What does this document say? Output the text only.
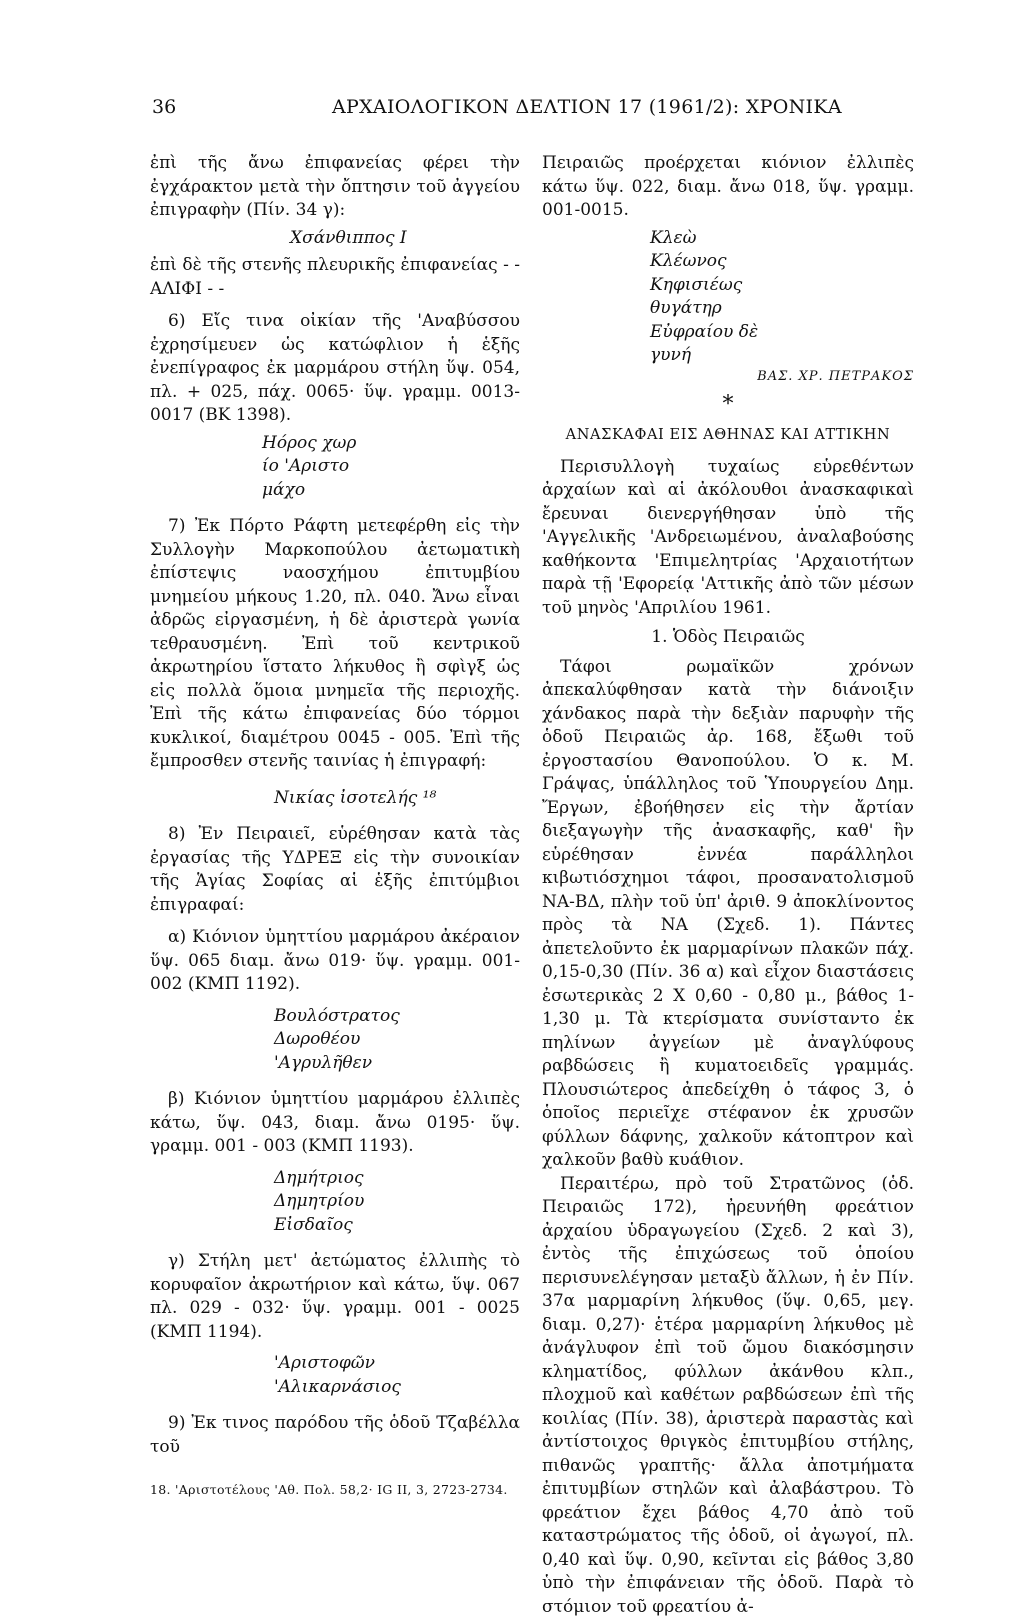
36	ΑΡΧΑΙΟΛΟΓΙΚΟΝ ΔΕΛΤΙΟΝ 17 (1961/2): ΧΡΟΝΙΚΑ

ἐπὶ τῆς ἄνω ἐπιφανείας φέρει τὴν ἐγχάρακτον μετὰ τὴν ὄπτησιν τοῦ ἀγγείου ἐπιγραφὴν (Πίν. 34 γ):

Χσάνθιππος Ι

ἐπὶ δὲ τῆς στενῆς πλευρικῆς ἐπιφανείας - - ΑΛΙΦΙ - -

6) Εἴς τινα οἰκίαν τῆς 'Αναβύσσου ἐχρησίμευεν ὡς κατώφλιον ἡ ἑξῆς ἐνεπίγραφος ἐκ μαρμάρου στήλη ὕψ. 054, πλ. + 025, πάχ. 0065· ὕψ. γραμμ. 0013-0017 (ΒΚ 1398).

Hόρος χωρ
ίο 'Αριστο
μάχο

7) Ἐκ Πόρτο Ράφτη μετεφέρθη εἰς τὴν Συλλογὴν Μαρκοπούλου ἀετωματικὴ ἐπίστεψις ναοσχήμου ἐπιτυμβίου μνημείου μήκους 1.20, πλ. 040. Ἄνω εἶναι ἀδρῶς εἰργασμένη, ἡ δὲ ἀριστερὰ γωνία τεθραυσμένη. Ἐπὶ τοῦ κεντρικοῦ ἀκρωτηρίου ἵστατο λήκυθος ἢ σφὶγξ ὡς εἰς πολλὰ ὅμοια μνημεῖα τῆς περιοχῆς. Ἐπὶ τῆς κάτω ἐπιφανείας δύο τόρμοι κυκλικοί, διαμέτρου 0045 - 005. Ἐπὶ τῆς ἔμπροσθεν στενῆς ταινίας ἡ ἐπιγραφή:

Νικίας ἰσοτελής ¹⁸

8) Ἐν Πειραιεῖ, εὑρέθησαν κατὰ τὰς ἐργασίας τῆς ΥΔΡΕΞ εἰς τὴν συνοικίαν τῆς Ἁγίας Σοφίας αἱ ἑξῆς ἐπιτύμβιοι ἐπιγραφαί:

α) Κιόνιον ὑμηττίου μαρμάρου ἀκέραιον ὕψ. 065 διαμ. ἄνω 019· ὕψ. γραμμ. 001-002 (ΚΜΠ 1192).

Βουλόστρατος
Δωροθέου
'Αγρυλῆθεν

β) Κιόνιον ὑμηττίου μαρμάρου ἐλλιπὲς κάτω, ὕψ. 043, διαμ. ἄνω 0195· ὕψ. γραμμ. 001 - 003 (ΚΜΠ 1193).

Δημήτριος
Δημητρίου
Εἰσδαῖος

γ) Στήλη μετ' ἀετώματος ἐλλιπὴς τὸ κορυφαῖον ἀκρωτήριον καὶ κάτω, ὕψ. 067 πλ. 029 - 032· ὕψ. γραμμ. 001 - 0025 (ΚΜΠ 1194).

'Αριστοφῶν
'Αλικαρνάσιος

9) Ἐκ τινος παρόδου τῆς ὁδοῦ Τζαβέλλα τοῦ

18. 'Αριστοτέλους 'Αθ. Πολ. 58,2· IG II, 3, 2723-2734.

Πειραιῶς προέρχεται κιόνιον ἐλλιπὲς κάτω ὕψ. 022, διαμ. ἄνω 018, ὕψ. γραμμ. 001-0015.

Κλεὼ
Κλέωνος
Κηφισιέως
θυγάτηρ
Εὐφραίου δὲ
γυνή
ΒΑΣ. ΧΡ. ΠΕΤΡΑΚΟΣ
*
ΑΝΑΣΚΑΦΑΙ ΕΙΣ ΑΘΗΝΑΣ ΚΑΙ ΑΤΤΙΚΗΝ

Περισυλλογὴ τυχαίως εὑρεθέντων ἀρχαίων καὶ αἱ ἀκόλουθοι ἀνασκαφικαὶ ἔρευναι διενεργήθησαν ὑπὸ τῆς 'Αγγελικῆς 'Ανδρειωμένου, ἀναλαβούσης καθήκοντα 'Επιμελητρίας 'Αρχαιοτήτων παρὰ τῇ 'Εφορείᾳ 'Αττικῆς ἀπὸ τῶν μέσων τοῦ μηνὸς 'Απριλίου 1961.

1. Ὁδὸς Πειραιῶς

Τάφοι ρωμαϊκῶν χρόνων ἀπεκαλύφθησαν κατὰ τὴν διάνοιξιν χάνδακος παρὰ τὴν δεξιὰν παρυφὴν τῆς ὁδοῦ Πειραιῶς ἀρ. 168, ἔξωθι τοῦ ἐργοστασίου Θανοπούλου. Ὁ κ. Μ. Γράψας, ὑπάλληλος τοῦ Ὑπουργείου Δημ. Ἔργων, ἐβοήθησεν εἰς τὴν ἄρτίαν διεξαγωγὴν τῆς ἀνασκαφῆς, καθ' ἣν εὑρέθησαν ἐννέα παράλληλοι κιβωτιόσχημοι τάφοι, προσανατολισμοῦ ΝΑ-ΒΔ, πλὴν τοῦ ὑπ' ἀριθ. 9 ἀποκλίνοντος πρὸς τὰ ΝΑ (Σχεδ. 1). Πάντες ἀπετελοῦντο ἐκ μαρμαρίνων πλακῶν πάχ. 0,15-0,30 (Πίν. 36 α) καὶ εἶχον διαστάσεις ἐσωτερικὰς 2 Χ 0,60 - 0,80 μ., βάθος 1-1,30 μ. Τὰ κτερίσματα συνίσταντο ἐκ πηλίνων ἀγγείων μὲ ἀναγλύφους ραβδώσεις ἢ κυματοειδεῖς γραμμάς. Πλουσιώτερος ἀπεδείχθη ὁ τάφος 3, ὁ ὁποῖος περιεῖχε στέφανον ἐκ χρυσῶν φύλλων δάφνης, χαλκοῦν κάτοπτρον καὶ χαλκοῦν βαθὺ κυάθιον.

Περαιτέρω, πρὸ τοῦ Στρατῶνος (ὁδ. Πειραιῶς 172), ἠρευνήθη φρεάτιον ἀρχαίου ὑδραγωγείου (Σχεδ. 2 καὶ 3), ἐντὸς τῆς ἐπιχώσεως τοῦ ὁποίου περισυνελέγησαν μεταξὺ ἄλλων, ἡ ἐν Πίν. 37α μαρμαρίνη λήκυθος (ὕψ. 0,65, μεγ. διαμ. 0,27)· ἑτέρα μαρμαρίνη λήκυθος μὲ ἀνάγλυφον ἐπὶ τοῦ ὤμου διακόσμησιν κληματίδος, φύλλων ἀκάνθου κλπ., πλοχμοῦ καὶ καθέτων ραβδώσεων ἐπὶ τῆς κοιλίας (Πίν. 38), ἀριστερὰ παραστὰς καὶ ἀντίστοιχος θριγκὸς ἐπιτυμβίου στήλης, πιθανῶς γραπτῆς· ἄλλα ἀποτμήματα ἐπιτυμβίων στηλῶν καὶ ἀλαβάστρου. Τὸ φρεάτιον ἔχει βάθος 4,70 ἀπὸ τοῦ καταστρώματος τῆς ὁδοῦ, οἱ ἀγωγοί, πλ. 0,40 καὶ ὕψ. 0,90, κεῖνται εἰς βάθος 3,80 ὑπὸ τὴν ἐπιφάνειαν τῆς ὁδοῦ. Παρὰ τὸ στόμιον τοῦ φρεατίου ἀ-
